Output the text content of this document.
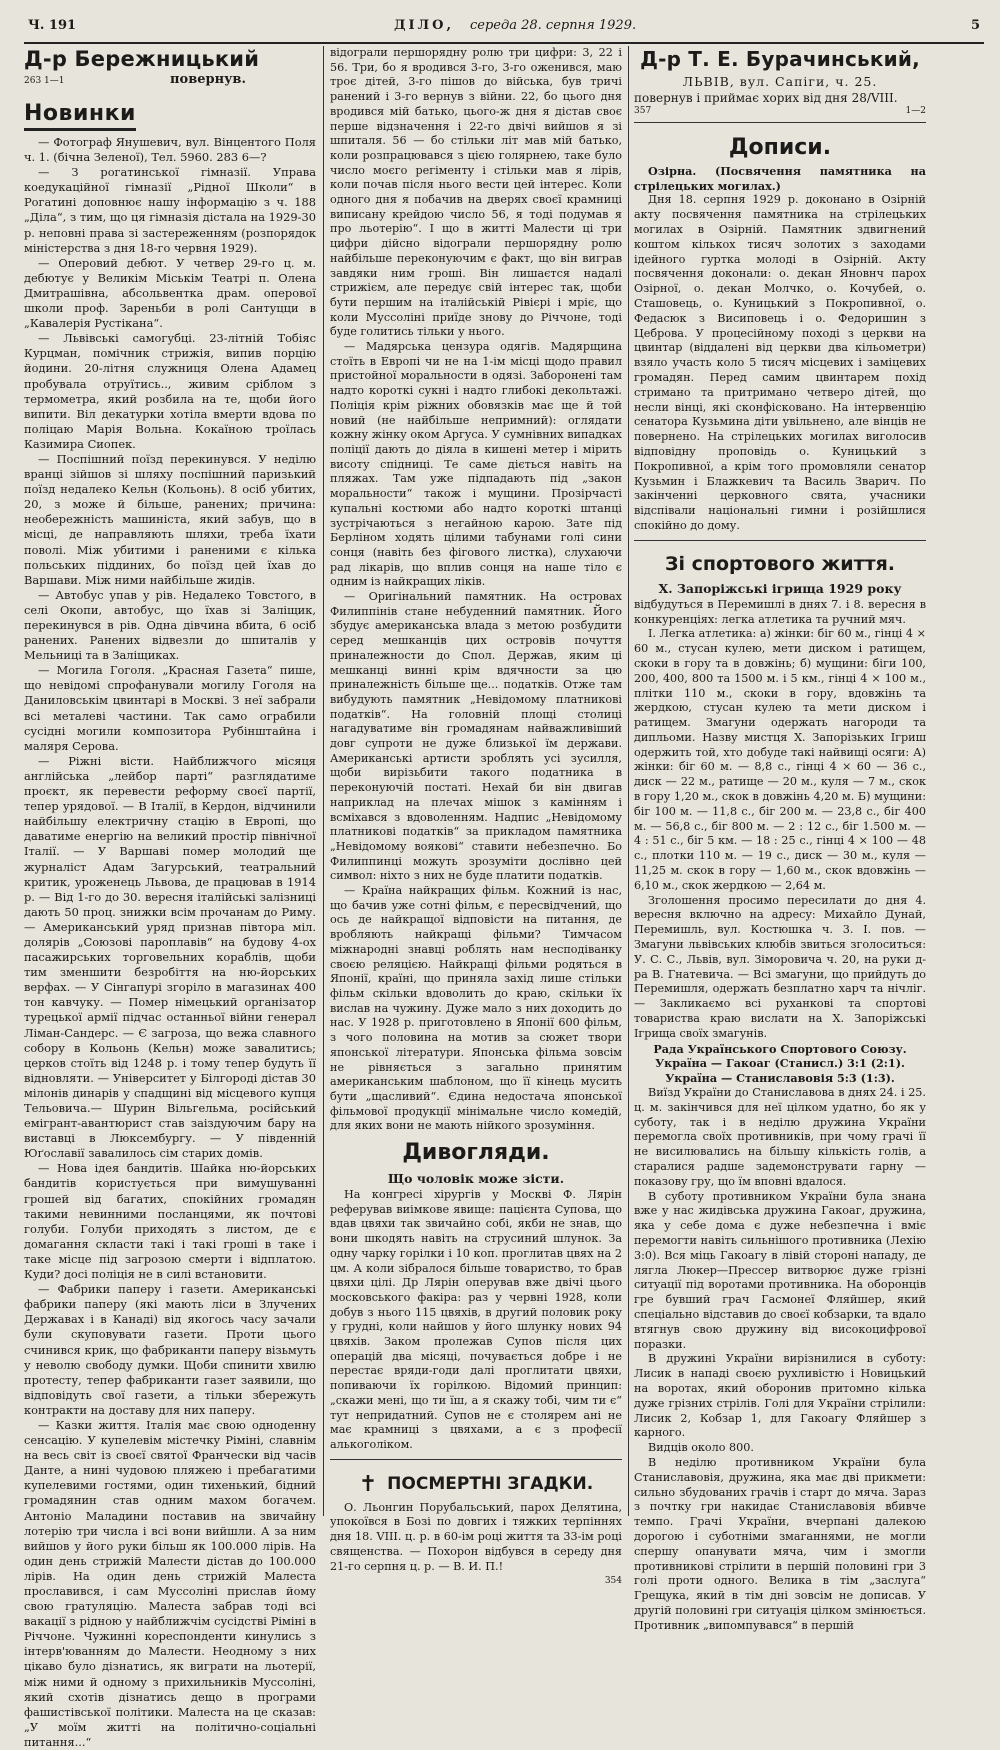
Ч. 191	ДІЛО, середа 28. серпня 1929.	5
Д-р Бережницький
263 1—1	повернув.
Новинки

— Фотограф Янушевич, вул. Вінцентого Поля ч. 1. (бічна Зеленої), Тел. 5960. 283 6—?

— З рогатинської гімназії. Управа коедукаційної гімназії „Рідної Школи“ в Рогатині доповнює нашу інформацію з ч. 188 „Діла“, з тим, що ця гімназія дістала на 1929-30 р. неповні права зі застереженням (розпорядок міністерства з дня 18-го червня 1929).

— Оперовий дебют. У четвер 29-го ц. м. дебютує у Великім Міськім Театрі п. Олена Дмитрашівна, абсольвентка драм. оперової школи проф. Зареньби в ролі Сантуцци в „Кавалерія Рустікана“.

— Львівські самогубці. 23-літній Тобіяс Курцман, помічник стрижія, випив порцію йодини. 20-літня служниця Олена Адамец пробувала отруїтись.., живим сріблом з термометра, який розбила на те, щоби його випити. Віл декатурки хотіла вмерти вдова по поліцаю Марія Вольна. Кокаїною троїлась Казимира Сиопек.

— Поспішний поїзд перекинувся. У неділю вранці зійшов зі шляху поспішний паризький поїзд недалеко Кельн (Кольонь). 8 осіб убитих, 20, з може й більше, ранених; причина: необережність машиніста, який забув, що в місці, де направляють шляхи, треба їхати поволі. Між убитими і раненими є кілька польських піддиних, бо поїзд цей їхав до Варшави. Між ними найбільше жидів.

— Автобус упав у рів. Недалеко Товстого, в селі Окопи, автобус, що їхав зі Заліщик, перекинувся в рів. Одна дівчина вбита, 6 осіб ранених. Ранених відвезли до шпиталів у Мельниці та в Заліщиках.

— Могила Гоголя. „Красная Газета“ пише, що невідомі спрофанували могилу Гоголя на Даниловськім цвинтарі в Москві. З неї забрали всі металеві частини. Так само ограбили сусідні могили композитора Рубінштайна і маляря Серова.

— Ріжні вісти. Найближчого місяця англійська „лейбор парті“ разглядатиме проєкт, як перевести реформу своєї партії, тепер урядової. — В Італії, в Кердон, відчинили найбільшу електричну стацію в Европі, що даватиме енергію на великий простір північної Італії. — У Варшаві помер молодий ще журналіст Адам Загурський, театральний критик, уроженець Львова, де працював в 1914 р. — Від 1-го до 30. вересня італійські залізниці дають 50 проц. знижки всім прочанам до Риму. — Американський уряд признав півтора міл. долярів „Союзові пароплавів“ на будову 4-ох пасажирських торговельних кораблів, щоби тим зменшити безробіття на ню-йорських верфах. — У Сінгапурі згоріло в магазинах 400 тон кавчуку. — Помер німецький організатор турецької армії підчас останньої війни генерал Ліман-Сандерс. — Є загроза, що вежа славного собору в Кольонь (Кельн) може завалитись; церков стоїть від 1248 р. і тому тепер будуть її відновляти. — Університет у Білгороді дістав 30 мілонів динарів у спадщині від місцевого купця Тельовича.— Шурин Вільгельма, російський емігрант-авантюрист став заіздуючим бару на виставці в Люксембургу. — У південній Юґославії завалилось сім старих домів.

— Нова ідея бандитів. Шайка ню-йорських бандитів користується при вимушуванні грошей від багатих, спокійних громадян такими невинними посланцями, як почтові голуби. Голуби приходять з листом, де є домагання скласти такі і такі гроші в таке і таке місце під загрозою смерти і відплатою. Куди? досі поліція не в силі встановити.

— Фабрики паперу і газети. Американські фабрики паперу (які мають ліси в Злучених Державах і в Канаді) від якогось часу зачали були скуповувати газети. Проти цього счинився крик, що фабриканти паперу візьмуть у неволю свободу думки. Щоби спинити хвилю протесту, тепер фабриканти газет заявили, що відповідуть свої газети, а тільки збережуть контракти на доставу для них паперу.

— Казки життя. Італія має свою одноденну сенсацію. У купелевім містечку Ріміні, славнім на весь світ із своєї святої Франчески від часів Данте, а нині чудовою пляжею і пребагатими купелевими гостями, один тихенький, бідний громадянин став одним махом богачем. Антоніо Маладини поставив на звичайну лотерію три числа і всі вони вийшли. А за ним вийшов у його руки більш як 100.000 лірів. На один день стрижій Малести дістав до 100.000 лірів. На один день стрижій Малеста прославився, і сам Муссоліні прислав йому свою гратуляцію. Малеста забрав тоді всі вакації з рідною у найближчім сусідстві Ріміні в Річчоне. Чужинні кореспонденти кинулись з інтерв'юванням до Малести. Неодному з них цікаво було дізнатись, як виграти на льотерії, між ними й одному з прихильників Муссоліні, який схотів дізнатись дещо в програми фашистівської політики. Малеста на це сказав: „У моїм житті на політично-соціальні питання...“

відограли першорядну ролю три цифри: 3, 22 і 56. Три, бо я вродився 3-го, 3-го оженився, маю троє дітей, 3-го пішов до війська, був тричі ранений і 3-го вернув з війни. 22, бо цього дня вродився мій батько, цього-ж дня я дістав своє перше відзначення і 22-го двічі вийшов я зі шпиталя. 56 — бо стільки літ мав мій батько, коли розпрацювався з цією голярнею, таке було число моєго регіменту і стільки мав я лірів, коли почав після нього вести цей інтерес. Коли одного дня я побачив на дверях своєї крамниці виписану крейдою число 56, я тоді подумав я про льотерію“. І що в житті Малести ці три цифри дійсно відограли першорядну ролю найбільше переконуючим є факт, що він виграв завдяки ним гроші. Він лишаєтся надалі стрижієм, але передує свій інтерес так, щоби бути першим на італійській Рівієрі і мріє, що коли Муссоліні приїде знову до Річчоне, тоді буде голитись тільки у нього.

— Мадярська цензура одягів. Мадярщина стоїть в Европі чи не на 1-ім місці щодо правил пристойної моральности в одязі. Забороненi там надто короткі сукні і надто глибокі декольтажі. Поліція крім ріжних обовязків має ще й той новий (не найбільше непримний): оглядати кожну жінку оком Аргуса. У сумнівних випадках поліції дають до діяла в кишені метер і мірить висоту спідниці. Те саме діється навіть на пляжах. Там уже підпадають під „закон моральности“ також і мущини. Прозірчасті купальні костюми або надто короткі штанці зустрічаються з негайною карою. Зате під Берліном ходять цілими табунами голі сини сонця (навіть без фігового листка), слухаючи рад лікарів, що вплив сонця на наше тіло є одним із найкращих ліків.

— Оригінальний памятник. На островах Филиппінів стане небуденний памятник. Його збудує американська влада з метою розбудити серед мешканців цих островів почуття приналежности до Спол. Держав, яким ці мешканці винні крім вдячности за цю приналежність більше ще... податків. Отже там вибудують памятник „Невідомому платникові податків“. На головній площі столиці нагадуватиме він громадянам найважливіший довг супроти не дуже близької їм держави. Американські артисти зроблять усі зусилля, щоби вирізьбити такого податника в переконуючій постаті. Нехай би він двигав наприклад на плечах мішок з камінням і всміхався з вдоволенням. Надпис „Невідомому платникові податків“ за прикладом памятника „Невідомому воякові“ ставити небезпечно. Бо Филиппинці можуть зрозуміти дослівно цей символ: ніхто з них не буде платити податків.

— Країна найкращих фільм. Кожний із нас, що бачив уже сотні фільм, є пересвідчений, що ось де найкращої відповісти на питання, де вробляють найкращі фільми? Тимчасом міжнародні знавці роблять нам несподіванку своєю реляцією. Найкращі фільми родяться в Японії, країні, що приняла захід лише стільки фільм скільки вдоволить до краю, скільки їх вислав на чужину. Дуже мало з них доходить до нас. У 1928 р. приготовлено в Японії 600 фільм, з чого половина на мотив за сюжет твори японської літератури. Японська фільма зовсім не рівняється з загально принятим американським шаблоном, що її кінець мусить бути „щасливий“. Єдина недостача японської фільмової продукції мінімальне число комедій, для яких вони не мають нійкого зрозуміння.

Дивогляди.
Що чоловік може зісти.

На конгресі хірургів у Москві Ф. Лярін реферував виімкове явище: пацієнта Супова, що вдав цвяхи так звичайно собі, якби не знав, що вони шкодять навіть на струсиний шлунок. За одну чарку горілки і 10 коп. проглитав цвях на 2 цм. А коли зібралося більше товариство, то брав цвяхи цілі. Др Лярін оперував вже двічі цього московського факіра: раз у червні 1928, коли добув з нього 115 цвяхів, в другий половик року у грудні, коли найшов у його шлунку нових 94 цвяхів. Заком пролежав Супов після цих операцій два місяці, почувається добре і не перестає вряди-годи далі проглитати цвяхи, попиваючи їх горілкою. Відомий принцип: „скажи мені, що ти їш, а я скажу тобі, чим ти є“ тут непридатний. Супов не є столярем ані не має крамниці з цвяхами, а є з професії алькоголіком.

✝ ПОСМЕРТНІ ЗГАДКИ.

О. Льонгин Порубальський, парох Делятина, упокоївся в Бозі по довгих і тяжких терпіннях дня 18. VIII. ц. р. в 60-ім році життя та 33-ім році священства. — Похорон відбувся в середу дня 21-го серпня ц. р. — В. И. П.!

354

Д-р Т. Е. Бурачинський,
ЛЬВІВ, вул. Сапіги, ч. 25.

повернув і приймає хорих від дня 28/VIII.

357	1—2
Дописи.

Озірна. (Посвячення памятника на стрілецьких могилах.)

Дня 18. серпня 1929 р. доконано в Озірній акту посвячення памятника на стрілецьких могилах в Озірній. Памятник здвигнений коштом кількох тисяч золотих з заходами ідейного гуртка молоді в Озірній. Акту посвячення доконали: о. декан Яновнч парох Озірної, о. декан Молчко, о. Кочубей, о. Сташовець, о. Куницький з Покропивної, о. Федасюк з Висиповець і о. Федоришин з Цеброва. У процесійному поході з церкви на цвинтар (віддалені від церкви два кільометри) взяло участь коло 5 тисяч місцевих і заміцевих громадян. Перед самим цвинтарем похід стримано та притримано четверо дітей, що несли вінці, які сконфісковано. На інтервенцію сенатора Кузьмина діти увільнено, але вінців не повернено. На стрілецьких могилах виголосив відповідну проповідь о. Куницький з Покропивної, а крім того промовляли сенатор Кузьмин і Блажкевич та Василь Зварич. По закінченні церковного свята, учасники відспівали національні гимни і розійшлися спокійно до дому.

Зі спортового життя.
Х. Запоріжські ігрища 1929 року

відбудуться в Перемишлі в днях 7. і 8. вересня в конкуренціях: легка атлетика та ручний мяч.

І. Легка атлетика: а) жінки: біг 60 м., гінці 4 × 60 м., стусан кулею, мети диском і ратищем, скоки в гору та в довжінь; б) мущини: біги 100, 200, 400, 800 та 1500 м. і 5 км., гінці 4 × 100 м., плітки 110 м., скоки в гору, вдовжінь та жердкою, стусан кулею та мети диском і ратищем. Змагуни одержать нагороди та дипльоми. Назву мистця Х. Запорізьких Ігриш одержить той, хто добуде такі найвищі осяги: А) жінки: біг 60 м. — 8,8 с., гінці 4 × 60 — 36 с., диск — 22 м., ратище — 20 м., куля — 7 м., скок в гору 1,20 м., скок в довжінь 4,20 м. Б) мущини: біг 100 м. — 11,8 с., біг 200 м. — 23,8 с., біг 400 м. — 56,8 с., біг 800 м. — 2 : 12 с., біг 1.500 м. — 4 : 51 с., біг 5 км. — 18 : 25 с., гінці 4 × 100 — 48 с., плотки 110 м. — 19 с., диск — 30 м., куля — 11,25 м. скок в гору — 1,60 м., скок вдовжінь — 6,10 м., скок жердкою — 2,64 м.

Зголошення просимо пересилати до дня 4. вересня включно на адресу: Михайло Дунай, Перемишль, вул. Костюшка ч. 3. І. пов. — Змагуни львівських клюбів звиться зголоситься: У. С. С., Львів, вул. Зіморовича ч. 20, на руки д-ра В. Гнатевича. — Всі змагуни, що прийдуть до Перемишля, одержать безплатно харч та нічліг. — Закликаємо всі руханкові та спортові товариства краю вислати на Х. Запоріжські Ігрища своїх змагунів.

Рада Українського Спортового Союзу.

Україна — Гакоаг (Станисл.) 3:1 (2:1).

Україна — Станиславовія 5:3 (1:3).

Виїзд України до Станиславова в днях 24. і 25. ц. м. закінчився для неї цілком удатно, бо як у суботу, так і в неділю дружина України перемогла своїх противників, при чому грачі її не висилювались на більшу кількість голів, а старалися радше задемонструвати гарну — показову гру, що їм вповні вдалося.

В суботу противником України була знана вже у нас жидівська дружина Гакоаг, дружина, яка у себе дома є дуже небезпечна і вміє перемогти навіть сильнішого противника (Лехію 3:0). Вся міць Гакоагу в лівій стороні нападу, де лягла Люкер—Прессер витворює дуже грізні ситуації під воротами противника. На оборонців гре бувший грач Гасмонеї Фляйшер, який спеціально відставив до своєї кобзарки, та вдало втягнув свою дружину від високоцифрової поразки.

В дружині України вирізнилися в суботу: Лисик в нападі своєю рухливістю і Новицький на воротах, який оборонив притомно кілька дуже грізних стрілів. Голі для України стрілили: Лисик 2, Кобзар 1, для Гакоагу Фляйшер з карного.

Видців около 800.

В неділю противником України була Станиславовія, дружина, яка має дві прикмети: сильно збудованих грачів і старт до мяча. Зараз з почтку гри накидає Станиславовія вбивче темпо. Грачі України, вчерпані далекою дорогою і суботніми змаганнями, не могли спершу опанувати мяча, чим і змогли противникові стрілити в першій половині гри 3 голі проти одного. Велика в тім „заслуга“ Грещука, який в тім дні зовсім не дописав. У другій половині гри ситуація цілком змінюється. Противник „випомпувався“ в першій
